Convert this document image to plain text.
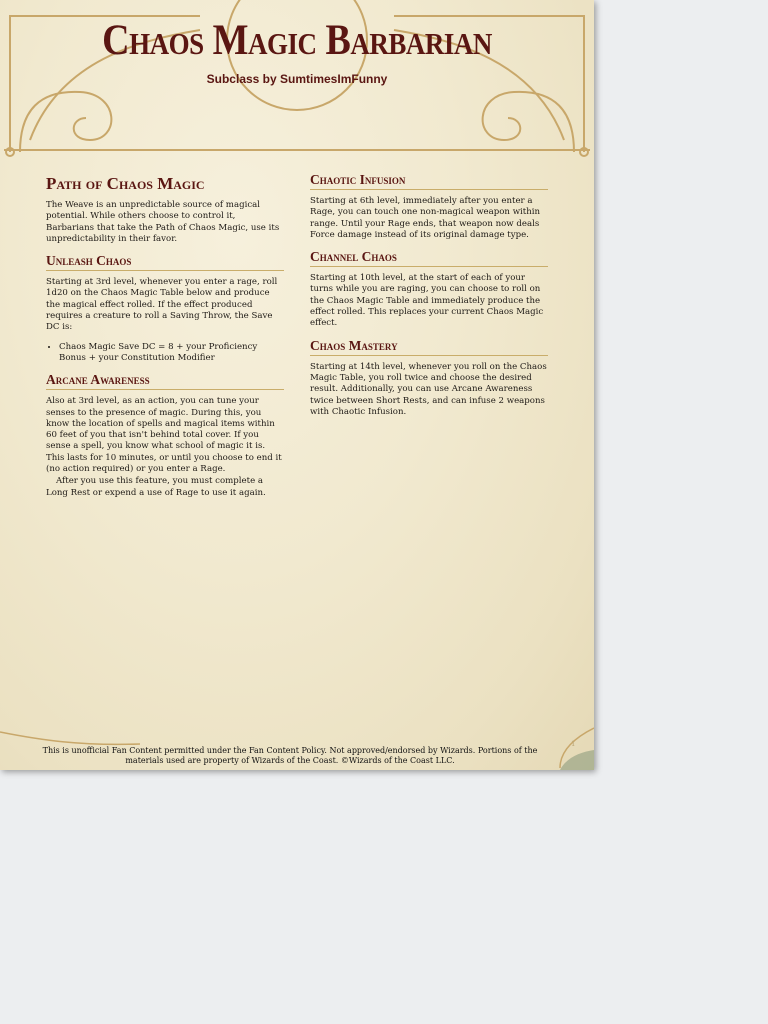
Chaos Magic Barbarian
Subclass by SumtimesImFunny
Path of Chaos Magic

The Weave is an unpredictable source of magical potential. While others choose to control it, Barbarians that take the Path of Chaos Magic, use its unpredictability in their favor.

Unleash Chaos

Starting at 3rd level, whenever you enter a rage, roll 1d20 on the Chaos Magic Table below and produce the magical effect rolled. If the effect produced requires a creature to roll a Saving Throw, the Save DC is:

• Chaos Magic Save DC = 8 + your Proficiency Bonus + your Constitution Modifier
Arcane Awareness

Also at 3rd level, as an action, you can tune your senses to the presence of magic. During this, you know the location of spells and magical items within 60 feet of you that isn't behind total cover. If you sense a spell, you know what school of magic it is. This lasts for 10 minutes, or until you choose to end it (no action required) or you enter a Rage.

After you use this feature, you must complete a Long Rest or expend a use of Rage to use it again.

Chaotic Infusion

Starting at 6th level, immediately after you enter a Rage, you can touch one non-magical weapon within range. Until your Rage ends, that weapon now deals Force damage instead of its original damage type.

Channel Chaos

Starting at 10th level, at the start of each of your turns while you are raging, you can choose to roll on the Chaos Magic Table and immediately produce the effect rolled. This replaces your current Chaos Magic effect.

Chaos Mastery

Starting at 14th level, whenever you roll on the Chaos Magic Table, you roll twice and choose the desired result. Additionally, you can use Arcane Awareness twice between Short Rests, and can infuse 2 weapons with Chaotic Infusion.

This is unofficial Fan Content permitted under the Fan Content Policy. Not approved/endorsed by Wizards. Portions of the materials used are property of Wizards of the Coast. ©Wizards of the Coast LLC.
1
